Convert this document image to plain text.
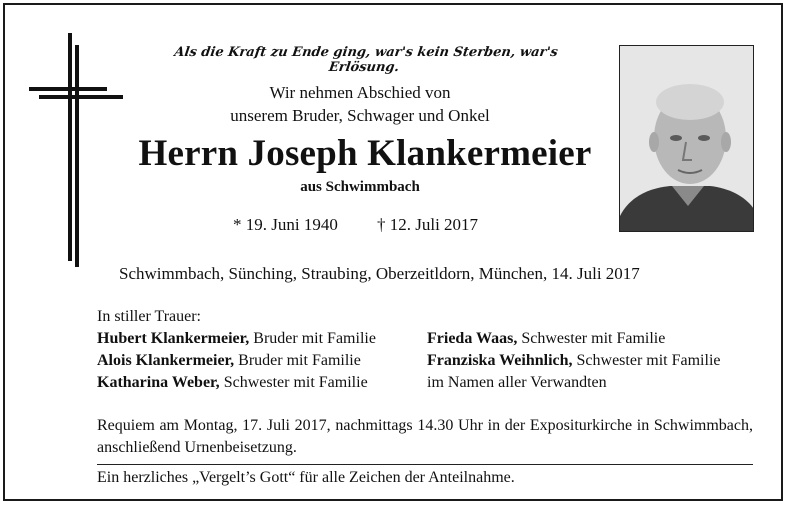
Als die Kraft zu Ende ging, war's kein Sterben, war's Erlösung.
Wir nehmen Abschied von
unserem Bruder, Schwager und Onkel
Herrn Joseph Klankermeier
aus Schwimmbach
* 19. Juni 1940 † 12. Juli 2017
Schwimmbach, Sünching, Straubing, Oberzeitldorn, München, 14. Juli 2017
In stiller Trauer:
Hubert Klankermeier, Bruder mit Familie
Alois Klankermeier, Bruder mit Familie
Katharina Weber, Schwester mit Familie
Frieda Waas, Schwester mit Familie
Franziska Weihnlich, Schwester mit Familie
im Namen aller Verwandten
Requiem am Montag, 17. Juli 2017, nachmittags 14.30 Uhr in der Expositurkirche in Schwimmbach, anschließend Urnenbeisetzung.
Ein herzliches „Vergelt’s Gott“ für alle Zeichen der Anteilnahme.
